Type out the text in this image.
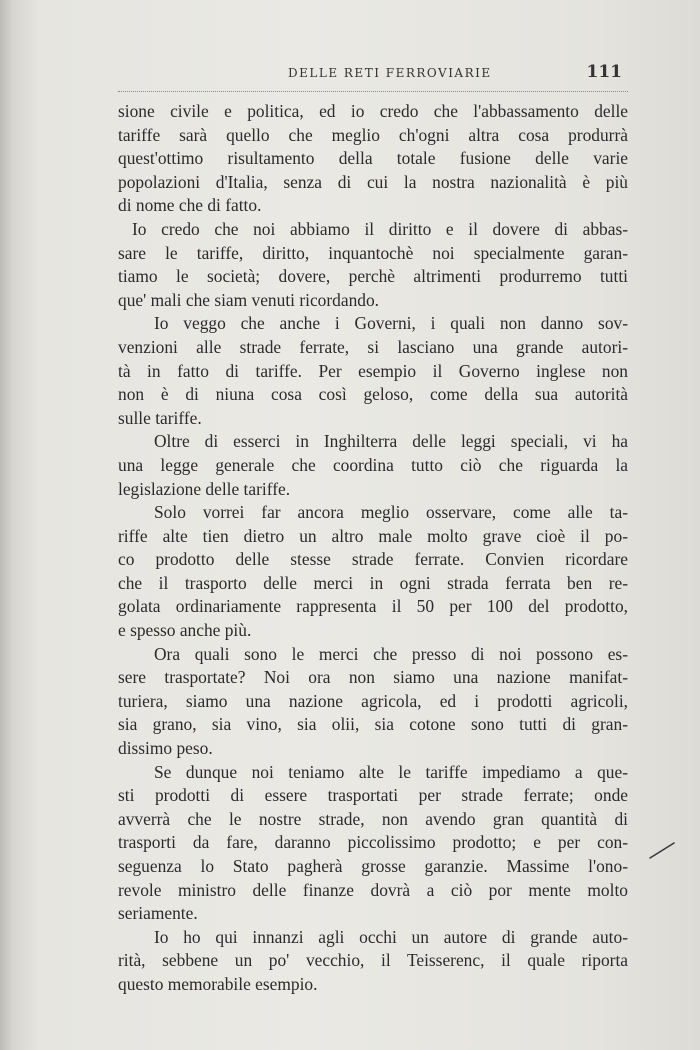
DELLE RETI FERROVIARIE	111
sione civile e politica, ed io credo che l'abbassamento delle
tariffe sarà quello che meglio ch'ogni altra cosa produrrà
quest'ottimo risultamento della totale fusione delle varie
popolazioni d'Italia, senza di cui la nostra nazionalità è più
di nome che di fatto.
Io credo che noi abbiamo il diritto e il dovere di abbas-
sare le tariffe, diritto, inquantochè noi specialmente garan-
tiamo le società; dovere, perchè altrimenti produrremo tutti
que' mali che siam venuti ricordando.
Io veggo che anche i Governi, i quali non danno sov-
venzioni alle strade ferrate, si lasciano una grande autori-
tà in fatto di tariffe. Per esempio il Governo inglese non
non è di niuna cosa così geloso, come della sua autorità
sulle tariffe.
Oltre di esserci in Inghilterra delle leggi speciali, vi ha
una legge generale che coordina tutto ciò che riguarda la
legislazione delle tariffe.
Solo vorrei far ancora meglio osservare, come alle ta-
riffe alte tien dietro un altro male molto grave cioè il po-
co prodotto delle stesse strade ferrate. Convien ricordare
che il trasporto delle merci in ogni strada ferrata ben re-
golata ordinariamente rappresenta il 50 per 100 del prodotto,
e spesso anche più.
Ora quali sono le merci che presso di noi possono es-
sere trasportate? Noi ora non siamo una nazione manifat-
turiera, siamo una nazione agricola, ed i prodotti agricoli,
sia grano, sia vino, sia olii, sia cotone sono tutti di gran-
dissimo peso.
Se dunque noi teniamo alte le tariffe impediamo a que-
sti prodotti di essere trasportati per strade ferrate; onde
avverrà che le nostre strade, non avendo gran quantità di
trasporti da fare, daranno piccolissimo prodotto; e per con-
seguenza lo Stato pagherà grosse garanzie. Massime l'ono-
revole ministro delle finanze dovrà a ciò por mente molto
seriamente.
Io ho qui innanzi agli occhi un autore di grande auto-
rità, sebbene un po' vecchio, il Teisserenc, il quale riporta
questo memorabile esempio.
